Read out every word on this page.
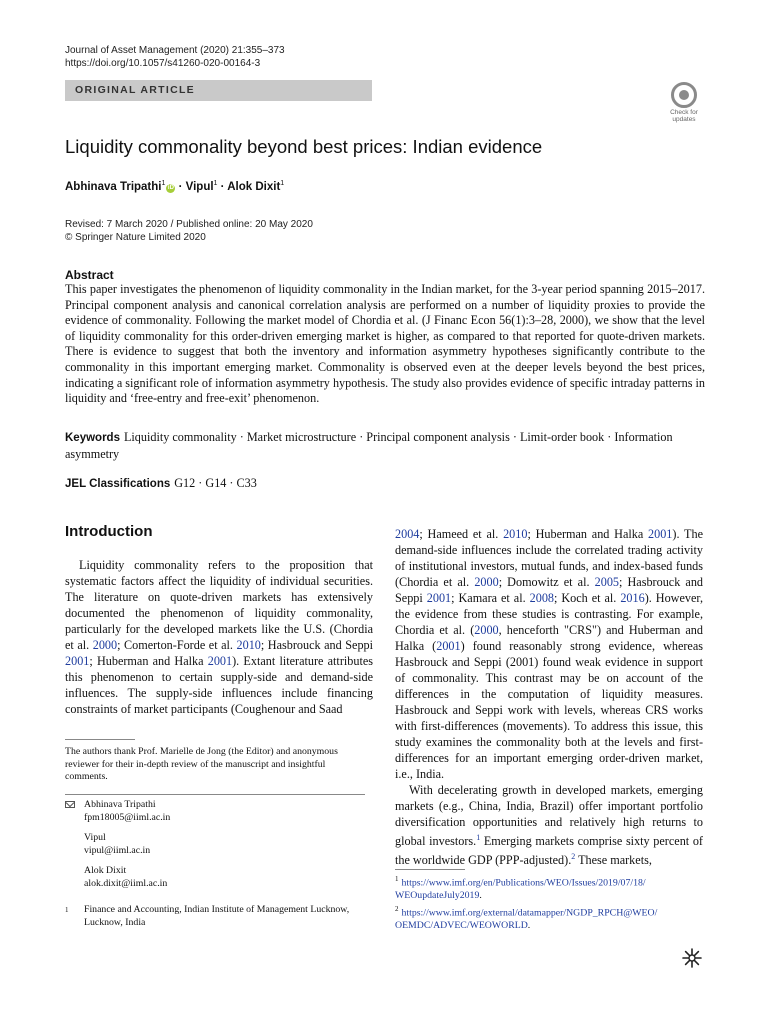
Journal of Asset Management (2020) 21:355–373
https://doi.org/10.1057/s41260-020-00164-3
ORIGINAL ARTICLE
Check for
updates
Liquidity commonality beyond best prices: Indian evidence
Abhinava Tripathi$^1$iD · Vipul$^1$ · Alok Dixit$^1$
Revised: 7 March 2020 / Published online: 20 May 2020
© Springer Nature Limited 2020
Abstract
This paper investigates the phenomenon of liquidity commonality in the Indian market, for the 3-year period spanning 2015–2017. Principal component analysis and canonical correlation analysis are performed on a number of liquidity proxies to provide the evidence of commonality. Following the market model of Chordia et al. (J Financ Econ 56(1):3–28, 2000), we show that the level of liquidity commonality for this order-driven emerging market is higher, as compared to that reported for quote-driven markets. There is evidence to suggest that both the inventory and information asymmetry hypotheses significantly contribute to the commonality in this important emerging market. Commonality is observed even at the deeper levels beyond the best prices, indicating a significant role of information asymmetry hypothesis. The study also provides evidence of specific intraday patterns in liquidity and ‘free-entry and free-exit’ phenomenon.
Keywords Liquidity commonality · Market microstructure · Principal component analysis · Limit-order book · Information asymmetry
JEL Classifications G12 · G14 · C33
Introduction

Liquidity commonality refers to the proposition that systematic factors affect the liquidity of individual securities. The literature on quote-driven markets has extensively documented the phenomenon of liquidity commonality, particularly for the developed markets like the U.S. (Chordia et al. 2000; Comerton-Forde et al. 2010; Hasbrouck and Seppi 2001; Huberman and Halka 2001). Extant literature attributes this phenomenon to certain supply-side and demand-side influences. The supply-side influences include financing constraints of market participants (Coughenour and Saad

2004; Hameed et al. 2010; Huberman and Halka 2001). The demand-side influences include the correlated trading activity of institutional investors, mutual funds, and index-based funds (Chordia et al. 2000; Domowitz et al. 2005; Hasbrouck and Seppi 2001; Kamara et al. 2008; Koch et al. 2016). However, the evidence from these studies is contrasting. For example, Chordia et al. (2000, henceforth "CRS") and Huberman and Halka (2001) found reasonably strong evidence, whereas Hasbrouck and Seppi (2001) found weak evidence in support of commonality. This contrast may be on account of the differences in the computation of liquidity measures. Hasbrouck and Seppi work with levels, whereas CRS works with first-differences (movements). To address this issue, this study examines the commonality both at the levels and first-differences for an important emerging order-driven market, i.e., India.

With decelerating growth in developed markets, emerging markets (e.g., China, India, Brazil) offer important portfolio diversification opportunities and relatively high returns to global investors.$^1$ Emerging markets comprise sixty percent of the worldwide GDP (PPP-adjusted).$^2$ These markets,

The authors thank Prof. Marielle de Jong (the Editor) and anonymous reviewer for their in-depth review of the manuscript and insightful comments.
Abhinava Tripathi
fpm18005@iiml.ac.in
Vipul
vipul@iiml.ac.in
Alok Dixit
alok.dixit@iiml.ac.in
1 Finance and Accounting, Indian Institute of Management Lucknow, Lucknow, India
$^1$ https://www.imf.org/en/Publications/WEO/Issues/2019/07/18/
WEOupdateJuly2019.
$^2$ https://www.imf.org/external/datamapper/NGDP_RPCH@WEO/
OEMDC/ADVEC/WEOWORLD.
